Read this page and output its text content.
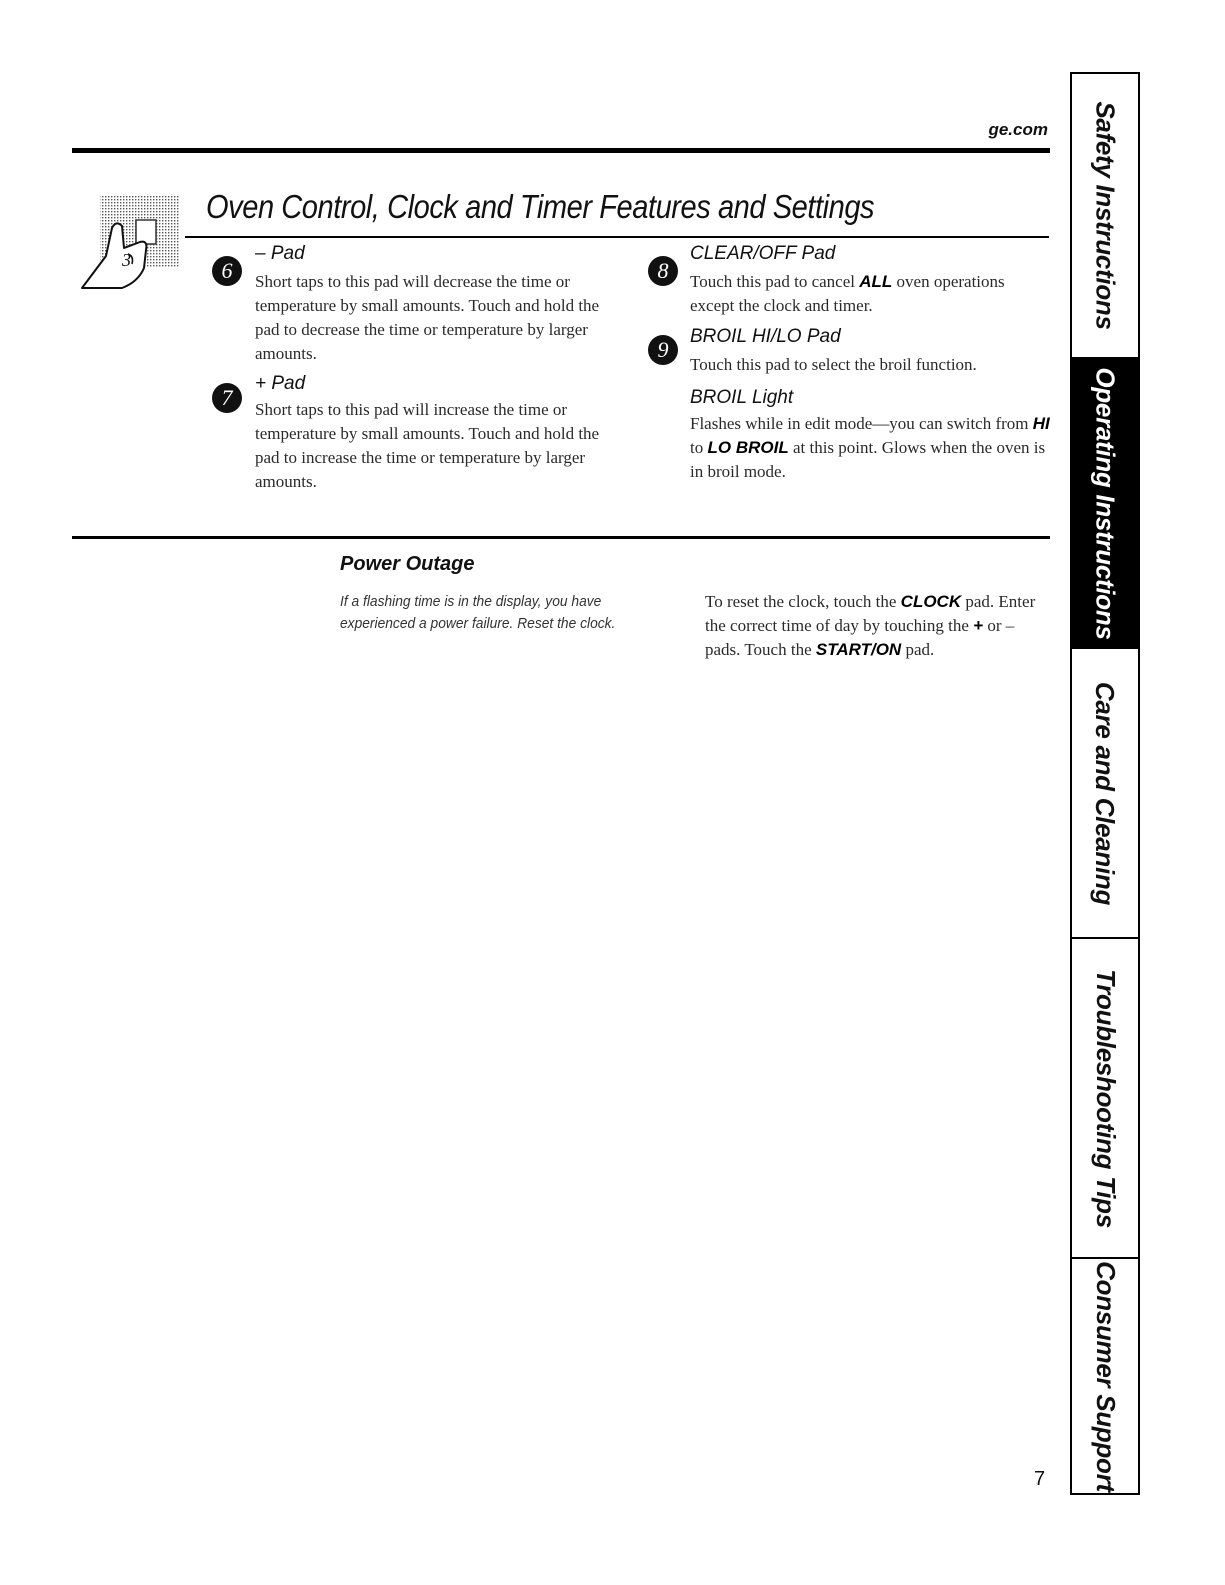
ge.com
3
Oven Control, Clock and Timer Features and Settings
6
– Pad
Short taps to this pad will decrease the time or temperature by small amounts. Touch and hold the pad to decrease the time or temperature by larger amounts.
7
+ Pad
Short taps to this pad will increase the time or temperature by small amounts. Touch and hold the pad to increase the time or temperature by larger amounts.
8
CLEAR/OFF Pad
Touch this pad to cancel ALL oven operations except the clock and timer.
9
BROIL HI/LO Pad
Touch this pad to select the broil function.
BROIL Light
Flashes while in edit mode—you can switch from HI to LO BROIL at this point. Glows when the oven is in broil mode.
Power Outage
If a flashing time is in the display, you have experienced a power failure. Reset the clock.
To reset the clock, touch the CLOCK pad. Enter the correct time of day by touching the + or – pads. Touch the START/ON pad.
7
Safety Instructions
Operating Instructions
Care and Cleaning
Troubleshooting Tips
Consumer Support
